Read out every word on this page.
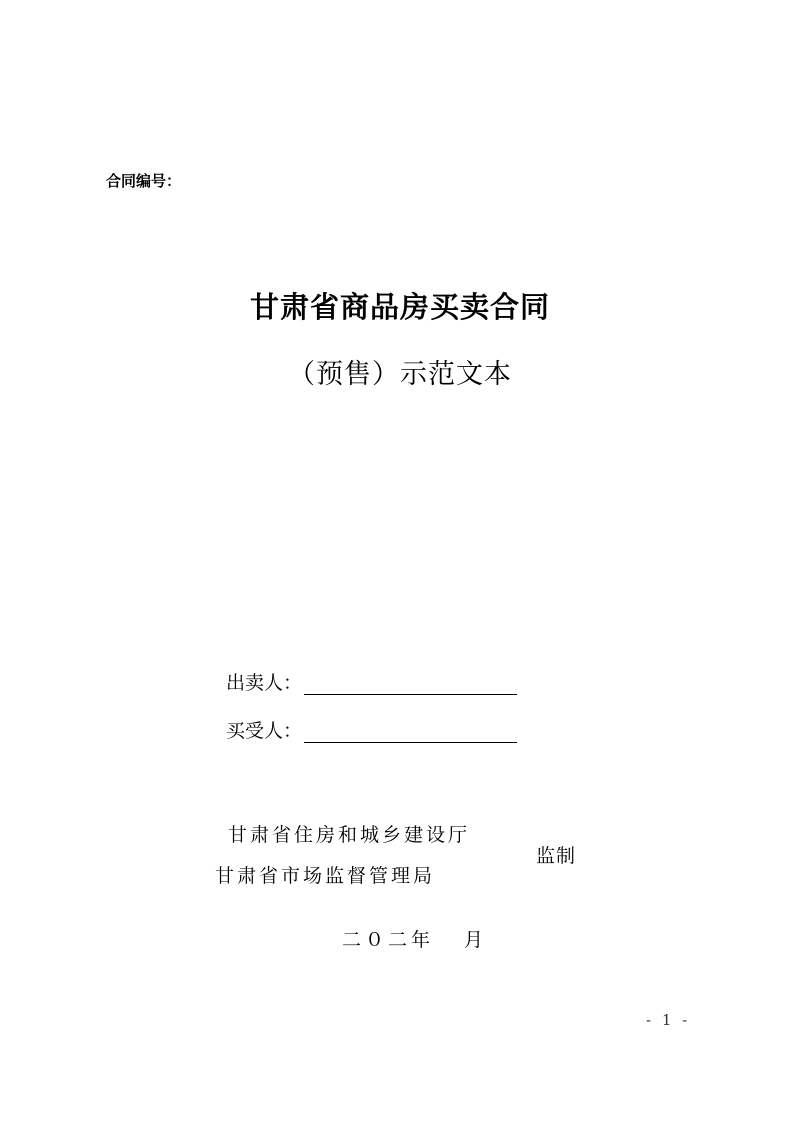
合同编号：
甘肃省商品房买卖合同
（预售）示范文本
出卖人：
买受人：
甘肃省住房和城乡建设厅
甘肃省市场监督管理局
监制
二０二年 月
- 1 -
